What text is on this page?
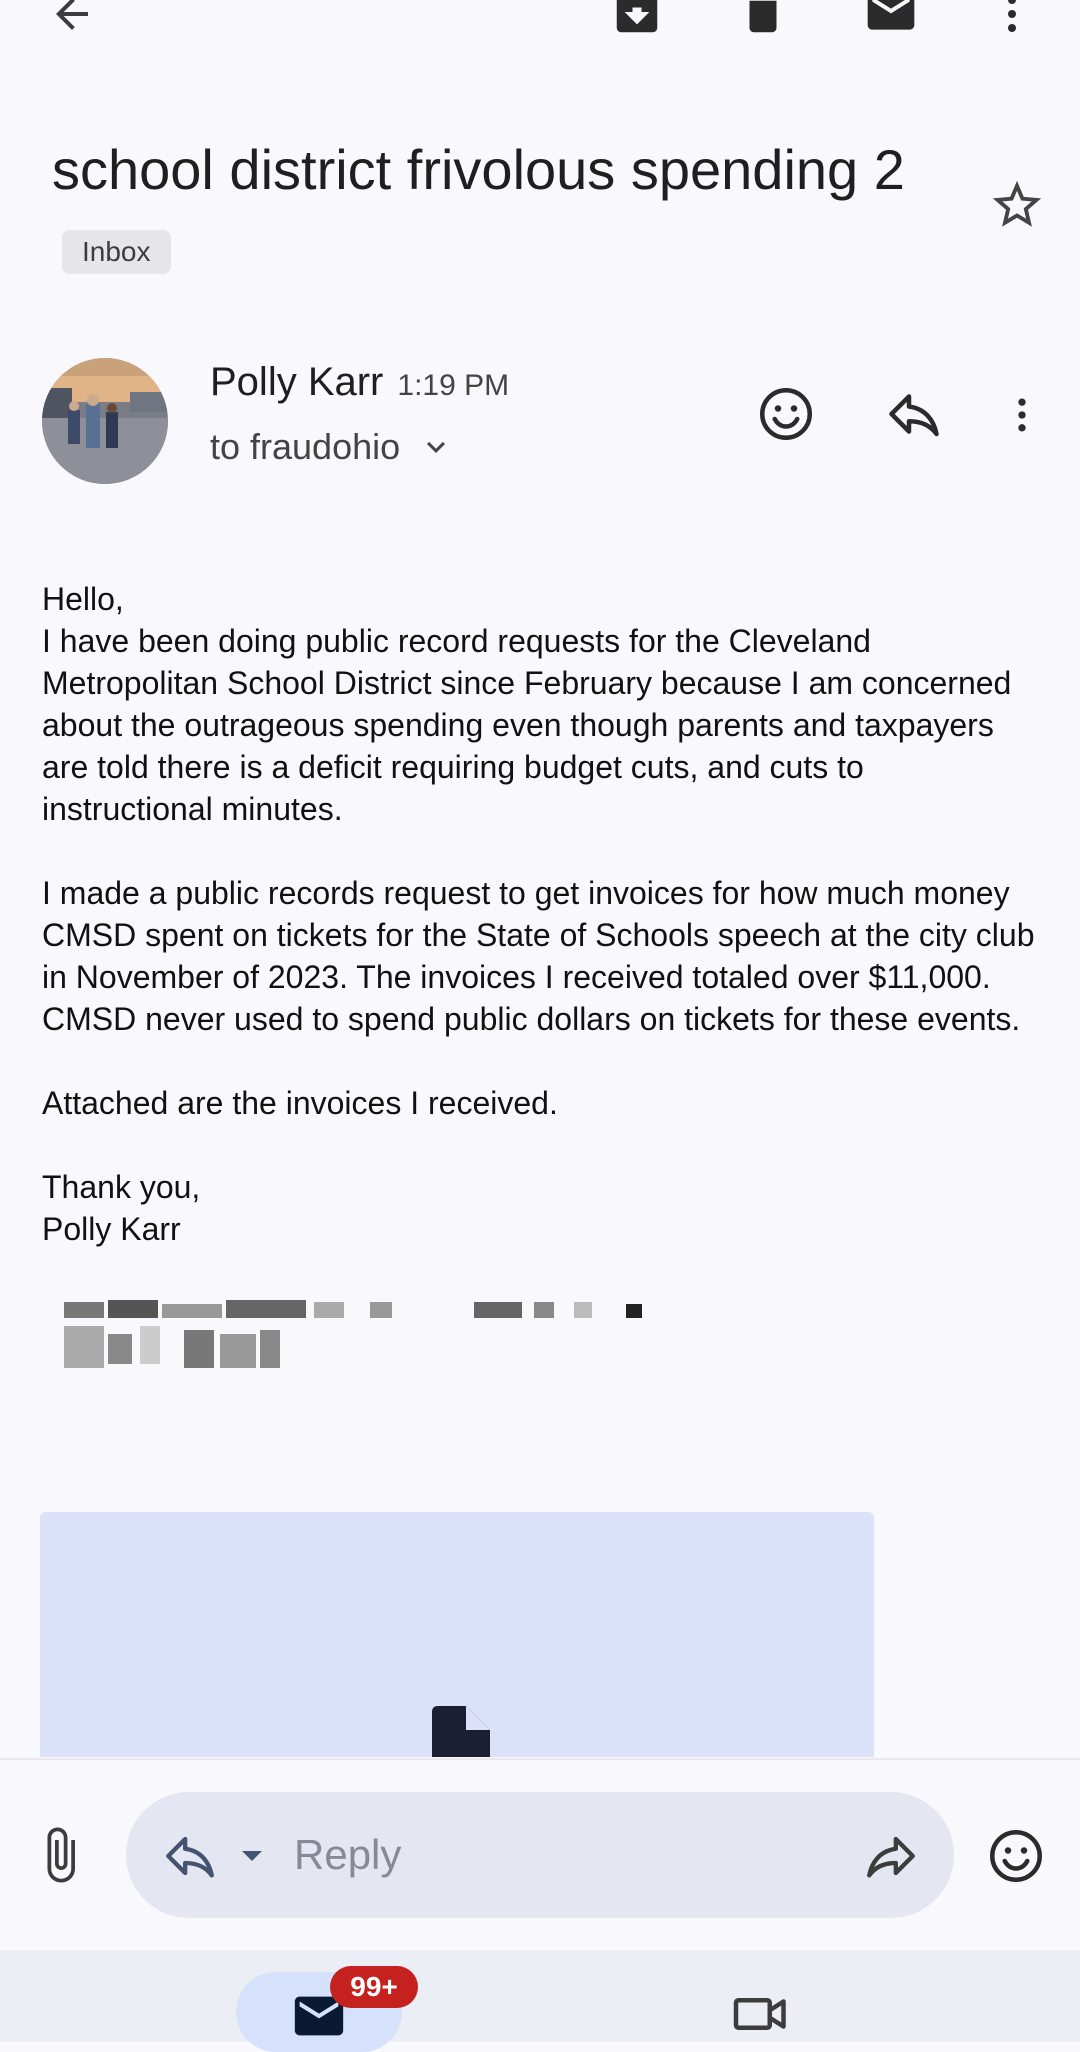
school district frivolous spending 2Inbox
Polly Karr 1:19 PM
to fraudohio

Hello,

I have been doing public record requests for the Cleveland Metropolitan School District since February because I am concerned about the outrageous spending even though parents and taxpayers are told there is a deficit requiring budget cuts, and cuts to instructional minutes.

I made a public records request to get invoices for how much money CMSD spent on tickets for the State of Schools speech at the city club in November of 2023. The invoices I received totaled over $11,000. CMSD never used to spend public dollars on tickets for these events.

Attached are the invoices I received.

Thank you,

Polly Karr

Reply
99+
